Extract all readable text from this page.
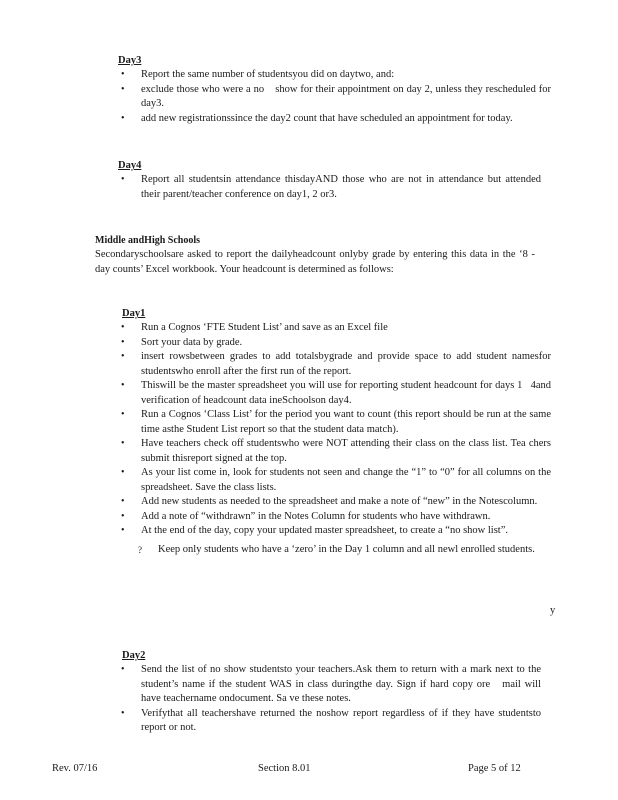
Day3

• Report the same number of studentsyou did on daytwo, and:
• exclude those who were a no  show for their appointment on day 2, unless they rescheduled for day3.
• add new registrationssince the day2 count that have scheduled an appointment for today.

Day4

• Report all studentsin attendance thisdayAND those who are not in attendance but attended their parent/teacher conference on day1, 2 or3.

Middle andHigh Schools

Secondaryschoolsare asked to report the dailyheadcount onlyby grade by entering this data in the ‘8 -day counts’ Excel workbook. Your headcount is determined as follows:

Day1

• Run a Cognos ‘FTE Student List’ and save as an Excel file
• Sort your data by grade.
• insert rowsbetween grades to add totalsbygrade and provide space to add student namesfor studentswho enroll after the first run of the report.
• Thiswill be the master spreadsheet you will use for reporting student headcount for days 1 4and verification of headcount data ineSchoolson day4.
• Run a Cognos ‘Class List’ for the period you want to count (this report should be run at the same time asthe Student List report so that the student data match).
• Have teachers check off studentswho were NOT attending their class on the class list. Tea chers submit thisreport signed at the top.
• As your list come in, look for students not seen and change the “1” to “0” for all columns on the spreadsheet. Save the class lists.
• Add new students as needed to the spreadsheet and make a note of “new” in the Notescolumn.
• Add a note of “withdrawn” in the Notes Column for students who have withdrawn.
• At the end of the day, copy your updated master spreadsheet, to create a “no show list”.
? Keep only students who have a ‘zero’ in the Day 1 column and all newl enrolled students.
y

Day2

• Send the list of no show studentsto your teachers.Ask them to return with a mark next to the student’s name if the student WAS in class duringthe day. Sign if hard copy ore  mail will have teachername ondocument. Sa ve these notes.
• Verifythat all teachershave returned the noshow report regardless of if they have studentsto report or not.

Rev. 07/16	Section 8.01	Page 5 of 12
